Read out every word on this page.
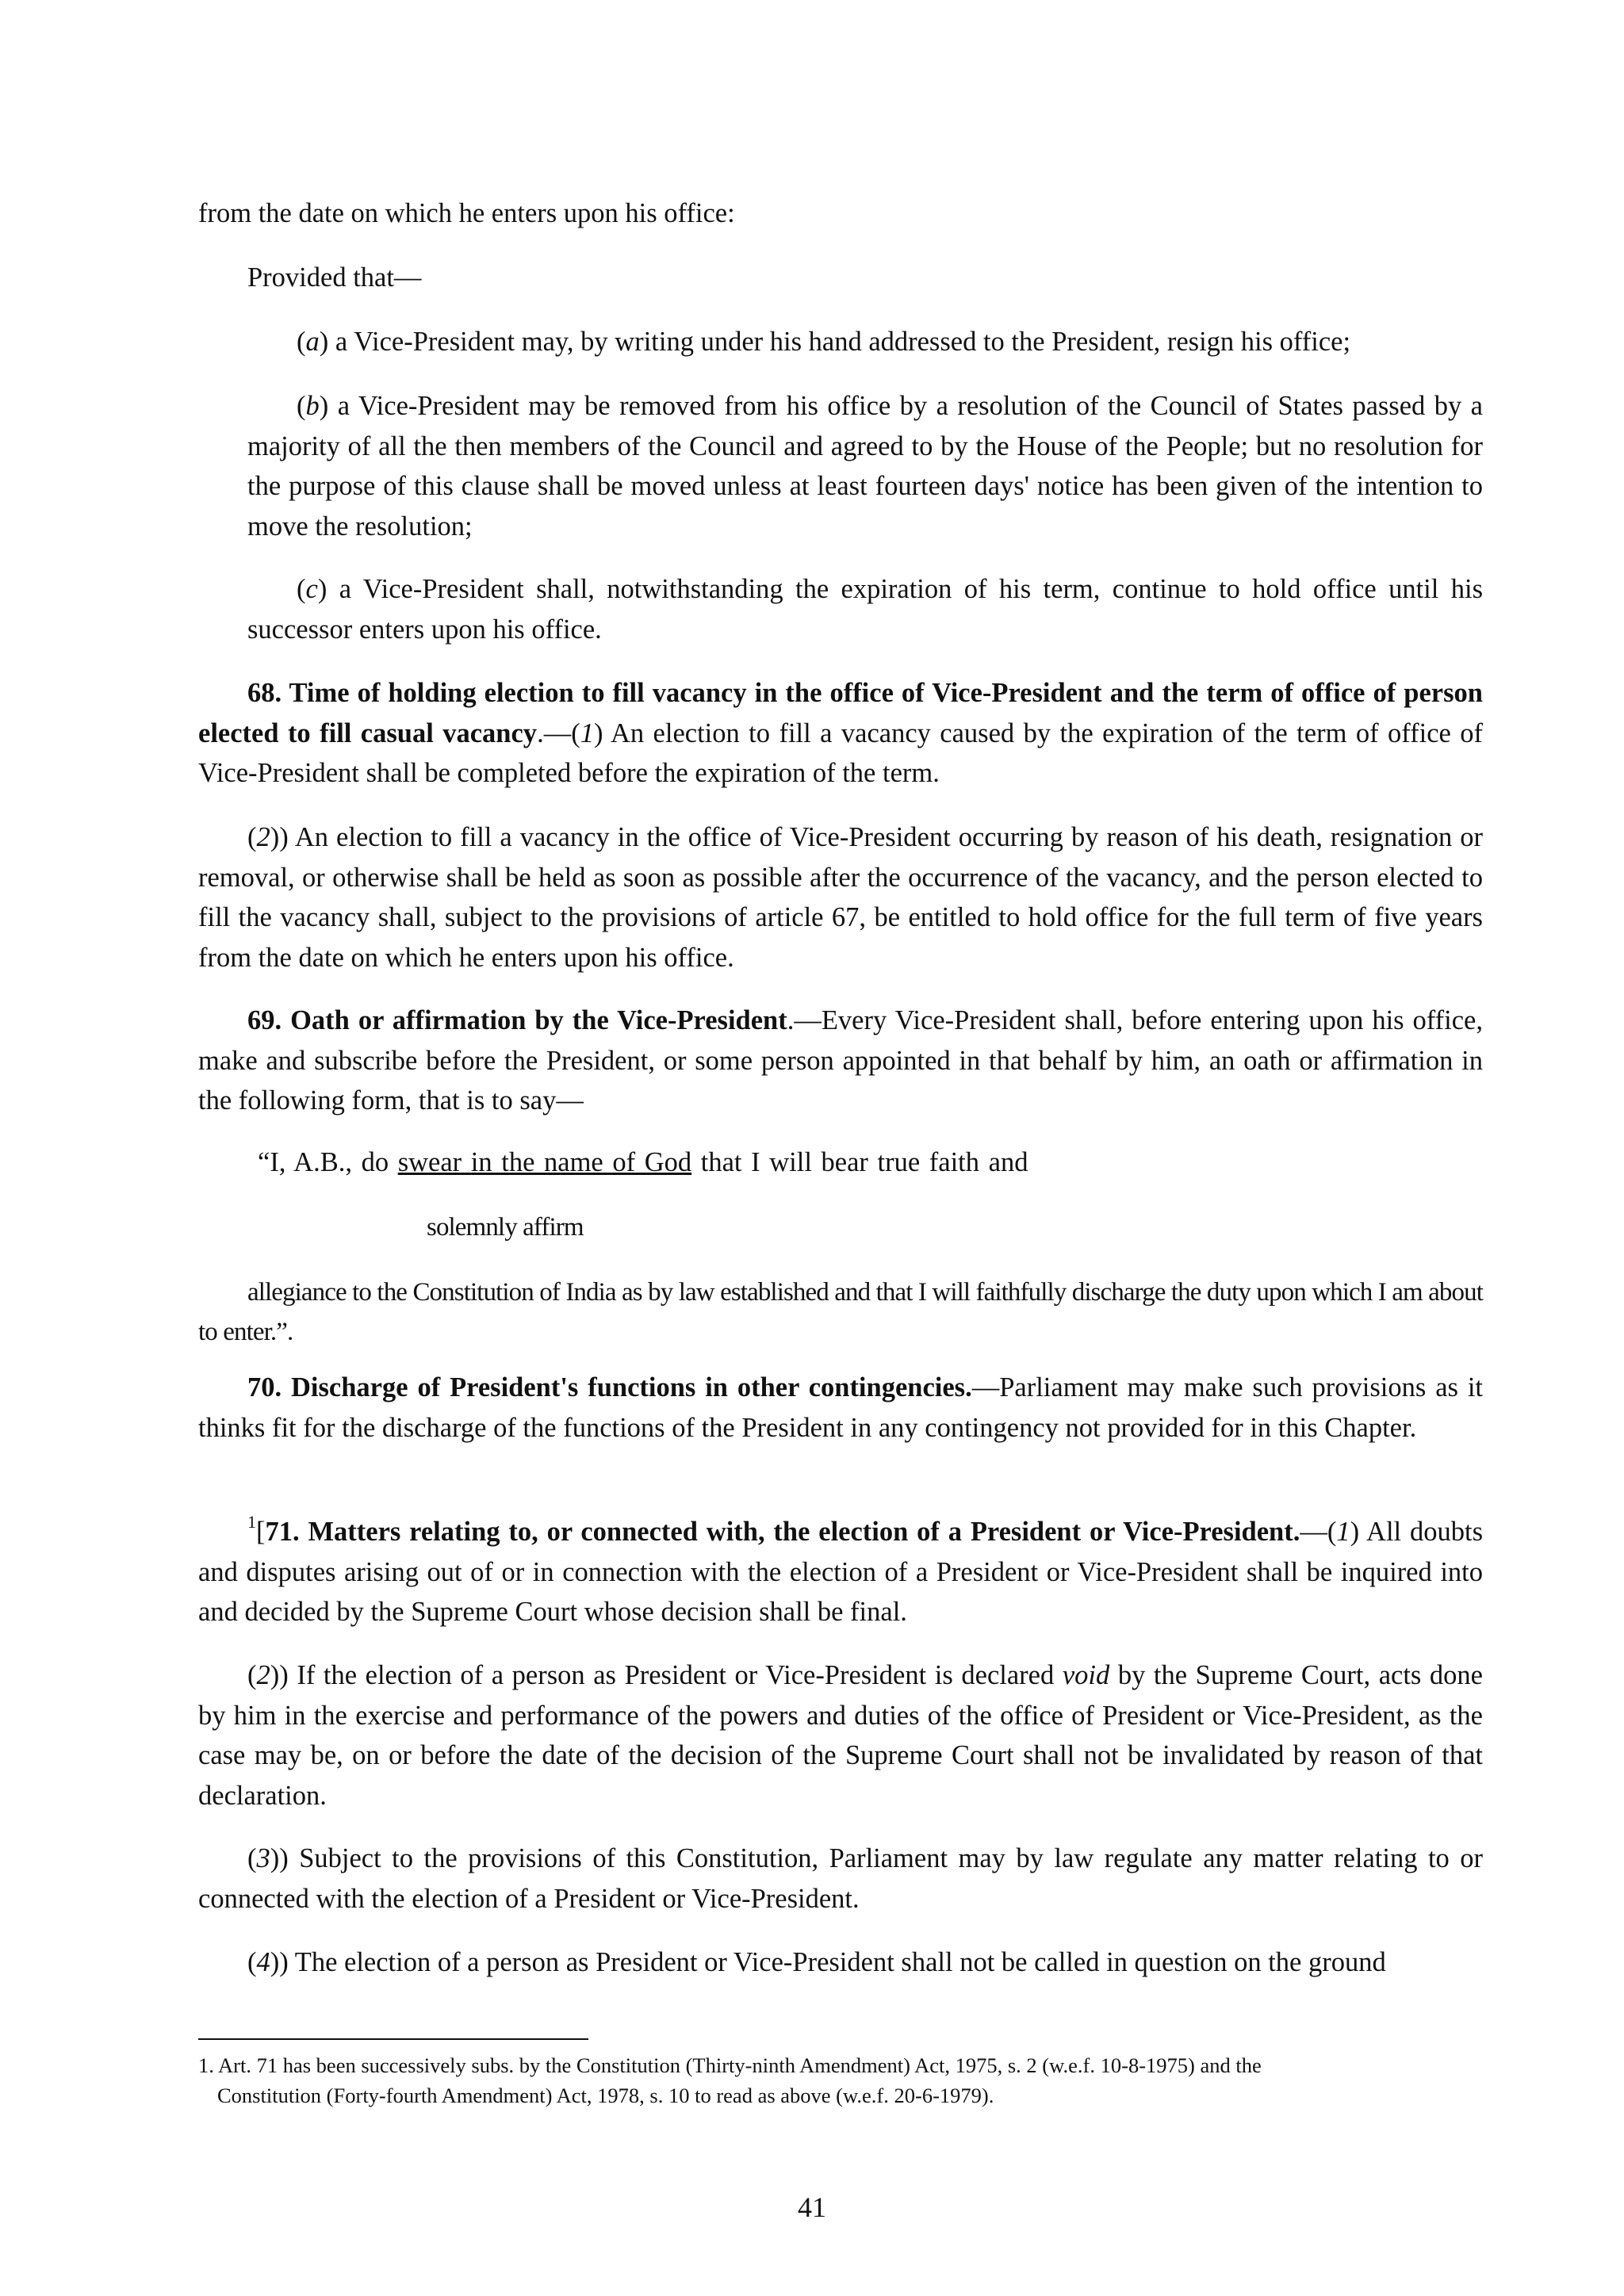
from the date on which he enters upon his office:

Provided that—

(a) a Vice-President may, by writing under his hand addressed to the President, resign his office;

(b) a Vice-President may be removed from his office by a resolution of the Council of States passed by a majority of all the then members of the Council and agreed to by the House of the People; but no resolution for the purpose of this clause shall be moved unless at least fourteen days' notice has been given of the intention to move the resolution;

(c) a Vice-President shall, notwithstanding the expiration of his term, continue to hold office until his successor enters upon his office.

68. Time of holding election to fill vacancy in the office of Vice-President and the term of office of person elected to fill casual vacancy.—(1) An election to fill a vacancy caused by the expiration of the term of office of Vice-President shall be completed before the expiration of the term.

(2)) An election to fill a vacancy in the office of Vice-President occurring by reason of his death, resignation or removal, or otherwise shall be held as soon as possible after the occurrence of the vacancy, and the person elected to fill the vacancy shall, subject to the provisions of article 67, be entitled to hold office for the full term of five years from the date on which he enters upon his office.

69. Oath or affirmation by the Vice-President.—Every Vice-President shall, before entering upon his office, make and subscribe before the President, or some person appointed in that behalf by him, an oath or affirmation in the following form, that is to say—

“I, A.B., do swear in the name of God that I will bear true faith and

solemnly affirm

allegiance to the Constitution of India as by law established and that I will faithfully discharge the duty upon which I am about to enter.”.

70. Discharge of President's functions in other contingencies.—Parliament may make such provisions as it thinks fit for the discharge of the functions of the President in any contingency not provided for in this Chapter.

$^1$[71. Matters relating to, or connected with, the election of a President or Vice-President.—(1) All doubts and disputes arising out of or in connection with the election of a President or Vice-President shall be inquired into and decided by the Supreme Court whose decision shall be final.

(2)) If the election of a person as President or Vice-President is declared void by the Supreme Court, acts done by him in the exercise and performance of the powers and duties of the office of President or Vice-President, as the case may be, on or before the date of the decision of the Supreme Court shall not be invalidated by reason of that declaration.

(3)) Subject to the provisions of this Constitution, Parliament may by law regulate any matter relating to or connected with the election of a President or Vice-President.

(4)) The election of a person as President or Vice-President shall not be called in question on the ground

1. Art. 71 has been successively subs. by the Constitution (Thirty-ninth Amendment) Act, 1975, s. 2 (w.e.f. 10-8-1975) and the
Constitution (Forty-fourth Amendment) Act, 1978, s. 10 to read as above (w.e.f. 20-6-1979).

41
